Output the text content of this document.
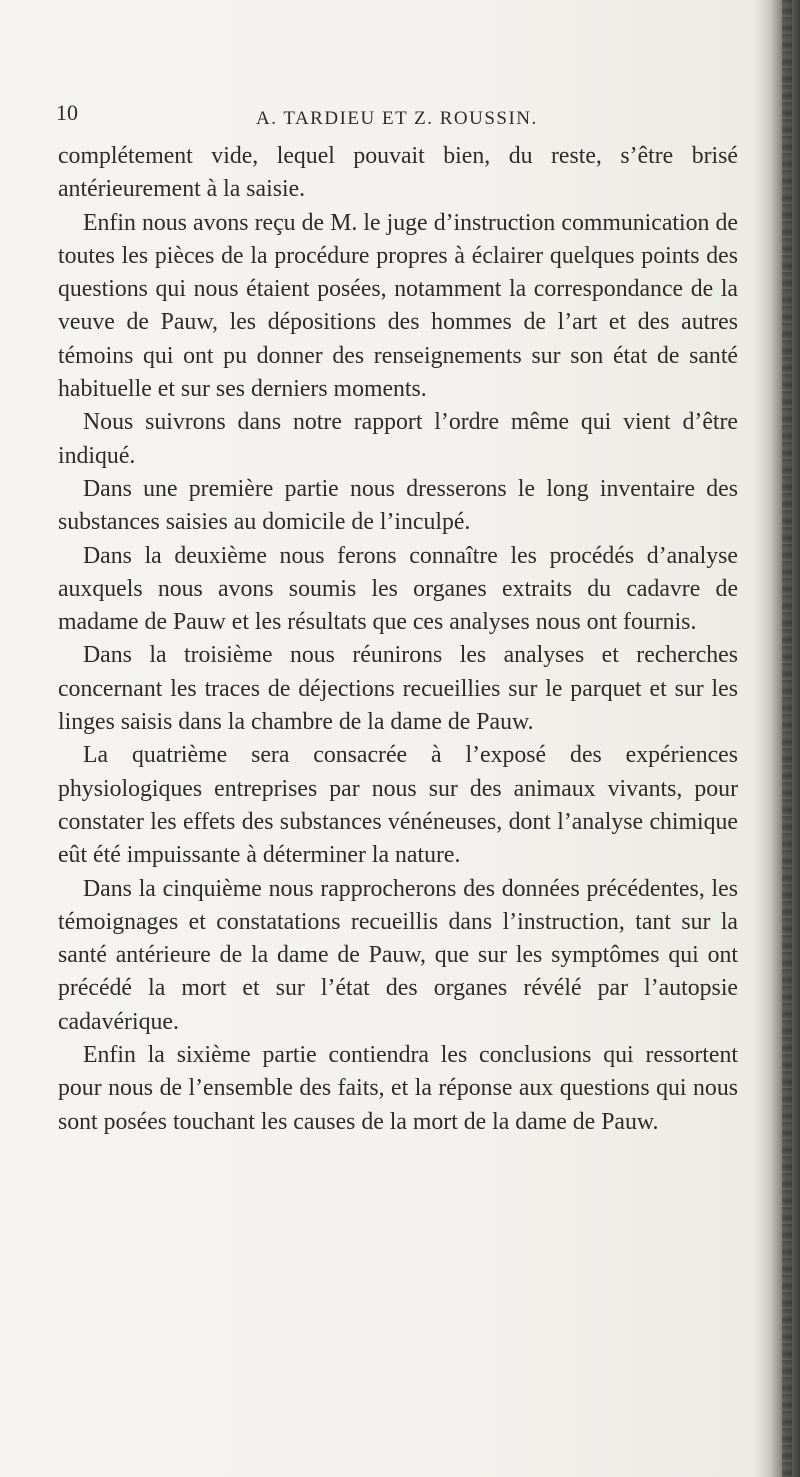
10	A. TARDIEU ET Z. ROUSSIN.

complétement vide, lequel pouvait bien, du reste, s’être brisé antérieurement à la saisie.

Enfin nous avons reçu de M. le juge d’instruction communication de toutes les pièces de la procédure propres à éclairer quelques points des questions qui nous étaient posées, notamment la correspondance de la veuve de Pauw, les dépositions des hommes de l’art et des autres témoins qui ont pu donner des renseignements sur son état de santé habituelle et sur ses derniers moments.

Nous suivrons dans notre rapport l’ordre même qui vient d’être indiqué.

Dans une première partie nous dresserons le long inventaire des substances saisies au domicile de l’inculpé.

Dans la deuxième nous ferons connaître les procédés d’analyse auxquels nous avons soumis les organes extraits du cadavre de madame de Pauw et les résultats que ces analyses nous ont fournis.

Dans la troisième nous réunirons les analyses et recherches concernant les traces de déjections recueillies sur le parquet et sur les linges saisis dans la chambre de la dame de Pauw.

La quatrième sera consacrée à l’exposé des expériences physiologiques entreprises par nous sur des animaux vivants, pour constater les effets des substances vénéneuses, dont l’analyse chimique eût été impuissante à déterminer la nature.

Dans la cinquième nous rapprocherons des données précédentes, les témoignages et constatations recueillis dans l’instruction, tant sur la santé antérieure de la dame de Pauw, que sur les symptômes qui ont précédé la mort et sur l’état des organes révélé par l’autopsie cadavérique.

Enfin la sixième partie contiendra les conclusions qui ressortent pour nous de l’ensemble des faits, et la réponse aux questions qui nous sont posées touchant les causes de la mort de la dame de Pauw.
